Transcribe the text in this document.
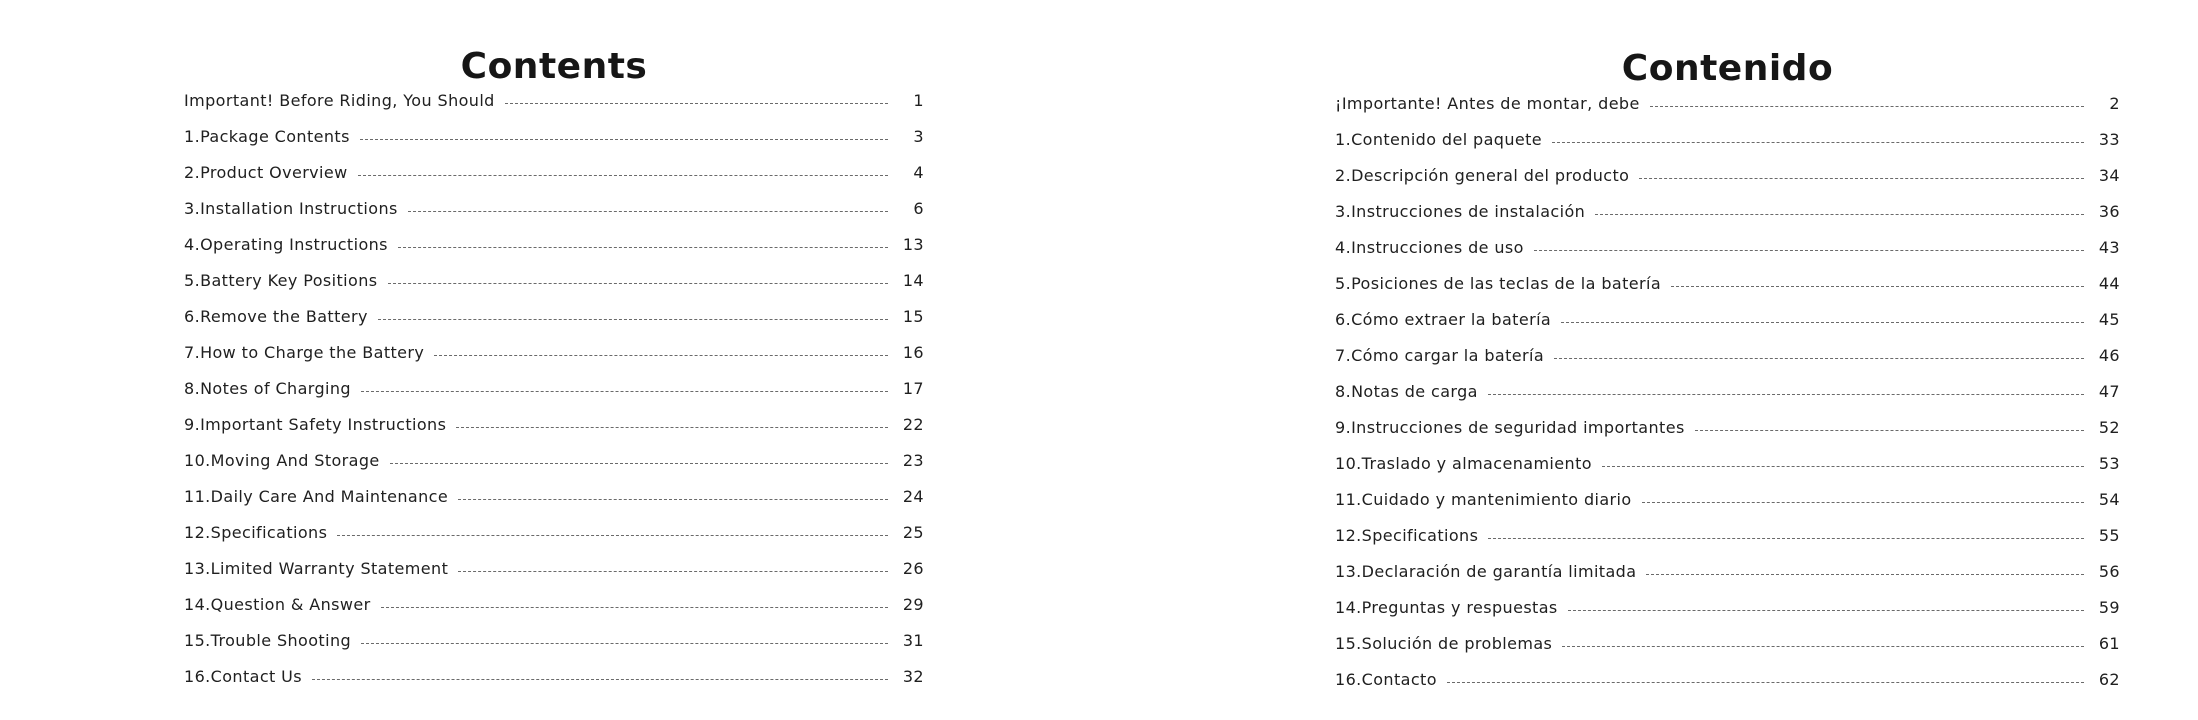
Contents
Important! Before Riding, You Should	1
1.Package Contents	3
2.Product Overview	4
3.Installation Instructions	6
4.Operating Instructions	13
5.Battery Key Positions	14
6.Remove the Battery	15
7.How to Charge the Battery	16
8.Notes of Charging	17
9.Important Safety Instructions	22
10.Moving And Storage	23
11.Daily Care And Maintenance	24
12.Specifications	25
13.Limited Warranty Statement	26
14.Question & Answer	29
15.Trouble Shooting	31
16.Contact Us	32
Contenido
¡Importante! Antes de montar, debe	2
1.Contenido del paquete	33
2.Descripción general del producto	34
3.Instrucciones de instalación	36
4.Instrucciones de uso	43
5.Posiciones de las teclas de la batería	44
6.Cómo extraer la batería	45
7.Cómo cargar la batería	46
8.Notas de carga	47
9.Instrucciones de seguridad importantes	52
10.Traslado y almacenamiento	53
11.Cuidado y mantenimiento diario	54
12.Specifications	55
13.Declaración de garantía limitada	56
14.Preguntas y respuestas	59
15.Solución de problemas	61
16.Contacto	62
